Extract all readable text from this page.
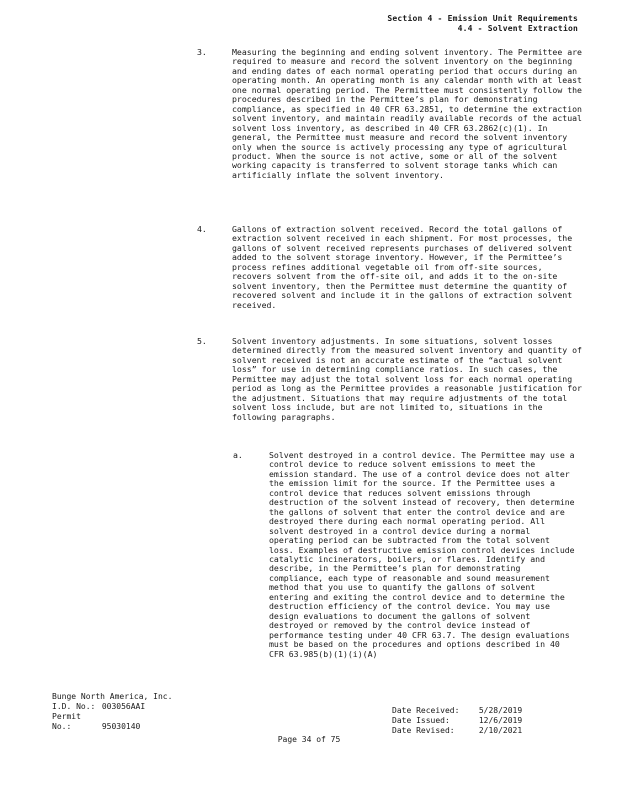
Section 4 - Emission Unit Requirements
4.4 - Solvent Extraction
3.	Measuring the beginning and ending solvent inventory. The Permittee are required to measure and record the solvent inventory on the beginning and ending dates of each normal operating period that occurs during an operating month. An operating month is any calendar month with at least one normal operating period. The Permittee must consistently follow the procedures described in the Permittee’s plan for demonstrating compliance, as specified in 40 CFR 63.2851, to determine the extraction solvent inventory, and maintain readily available records of the actual solvent loss inventory, as described in 40 CFR 63.2862(c)(1). In general, the Permittee must measure and record the solvent inventory only when the source is actively processing any type of agricultural product. When the source is not active, some or all of the solvent working capacity is transferred to solvent storage tanks which can artificially inflate the solvent inventory.
4.	Gallons of extraction solvent received. Record the total gallons of extraction solvent received in each shipment. For most processes, the gallons of solvent received represents purchases of delivered solvent added to the solvent storage inventory. However, if the Permittee’s process refines additional vegetable oil from off-site sources, recovers solvent from the off-site oil, and adds it to the on-site solvent inventory, then the Permittee must determine the quantity of recovered solvent and include it in the gallons of extraction solvent received.
5.	Solvent inventory adjustments. In some situations, solvent losses determined directly from the measured solvent inventory and quantity of solvent received is not an accurate estimate of the “actual solvent loss” for use in determining compliance ratios. In such cases, the Permittee may adjust the total solvent loss for each normal operating period as long as the Permittee provides a reasonable justification for the adjustment. Situations that may require adjustments of the total solvent loss include, but are not limited to, situations in the following paragraphs.
a.	Solvent destroyed in a control device. The Permittee may use a control device to reduce solvent emissions to meet the emission standard. The use of a control device does not alter the emission limit for the source. If the Permittee uses a control device that reduces solvent emissions through destruction of the solvent instead of recovery, then determine the gallons of solvent that enter the control device and are destroyed there during each normal operating period. All solvent destroyed in a control device during a normal operating period can be subtracted from the total solvent loss. Examples of destructive emission control devices include catalytic incinerators, boilers, or flares. Identify and describe, in the Permittee’s plan for demonstrating compliance, each type of reasonable and sound measurement method that you use to quantify the gallons of solvent entering and exiting the control device and to determine the destruction efficiency of the control device. You may use design evaluations to document the gallons of solvent destroyed or removed by the control device instead of performance testing under 40 CFR 63.7. The design evaluations must be based on the procedures and options described in 40 CFR 63.985(b)(1)(i)(A)
Bunge North America, Inc.
I.D. No.: 003056AAI
Permit No.:	95030140
Date Received: 5/28/2019
Date Issued:	12/6/2019
Date Revised:	2/10/2021
Page 34 of 75
